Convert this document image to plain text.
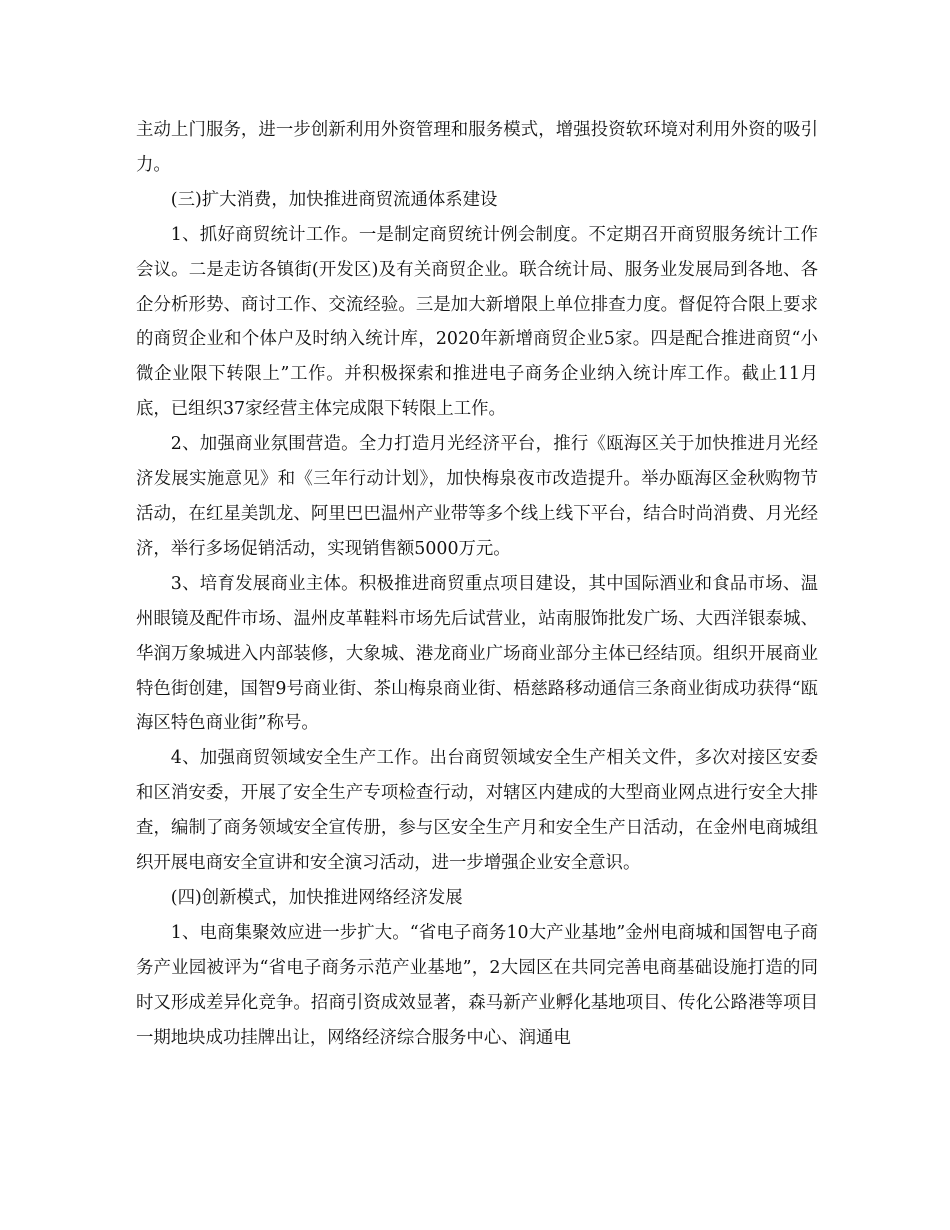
主动上门服务，进一步创新利用外资管理和服务模式，增强投资软环境对利用外资的吸引力。

(三)扩大消费，加快推进商贸流通体系建设

1、抓好商贸统计工作。一是制定商贸统计例会制度。不定期召开商贸服务统计工作会议。二是走访各镇街(开发区)及有关商贸企业。联合统计局、服务业发展局到各地、各企分析形势、商讨工作、交流经验。三是加大新增限上单位排查力度。督促符合限上要求的商贸企业和个体户及时纳入统计库，2020年新增商贸企业5家。四是配合推进商贸“小微企业限下转限上”工作。并积极探索和推进电子商务企业纳入统计库工作。截止11月底，已组织37家经营主体完成限下转限上工作。

2、加强商业氛围营造。全力打造月光经济平台，推行《瓯海区关于加快推进月光经济发展实施意见》和《三年行动计划》，加快梅泉夜市改造提升。举办瓯海区金秋购物节活动，在红星美凯龙、阿里巴巴温州产业带等多个线上线下平台，结合时尚消费、月光经济，举行多场促销活动，实现销售额5000万元。

3、培育发展商业主体。积极推进商贸重点项目建设，其中国际酒业和食品市场、温州眼镜及配件市场、温州皮革鞋料市场先后试营业，站南服饰批发广场、大西洋银泰城、华润万象城进入内部装修，大象城、港龙商业广场商业部分主体已经结顶。组织开展商业特色街创建，国智9号商业街、茶山梅泉商业街、梧慈路移动通信三条商业街成功获得“瓯海区特色商业街”称号。

4、加强商贸领域安全生产工作。出台商贸领域安全生产相关文件，多次对接区安委和区消安委，开展了安全生产专项检查行动，对辖区内建成的大型商业网点进行安全大排查，编制了商务领域安全宣传册，参与区安全生产月和安全生产日活动，在金州电商城组织开展电商安全宣讲和安全演习活动，进一步增强企业安全意识。

(四)创新模式，加快推进网络经济发展

1、电商集聚效应进一步扩大。“省电子商务10大产业基地”金州电商城和国智电子商务产业园被评为“省电子商务示范产业基地”，2大园区在共同完善电商基础设施打造的同时又形成差异化竞争。招商引资成效显著，森马新产业孵化基地项目、传化公路港等项目一期地块成功挂牌出让，网络经济综合服务中心、润通电
